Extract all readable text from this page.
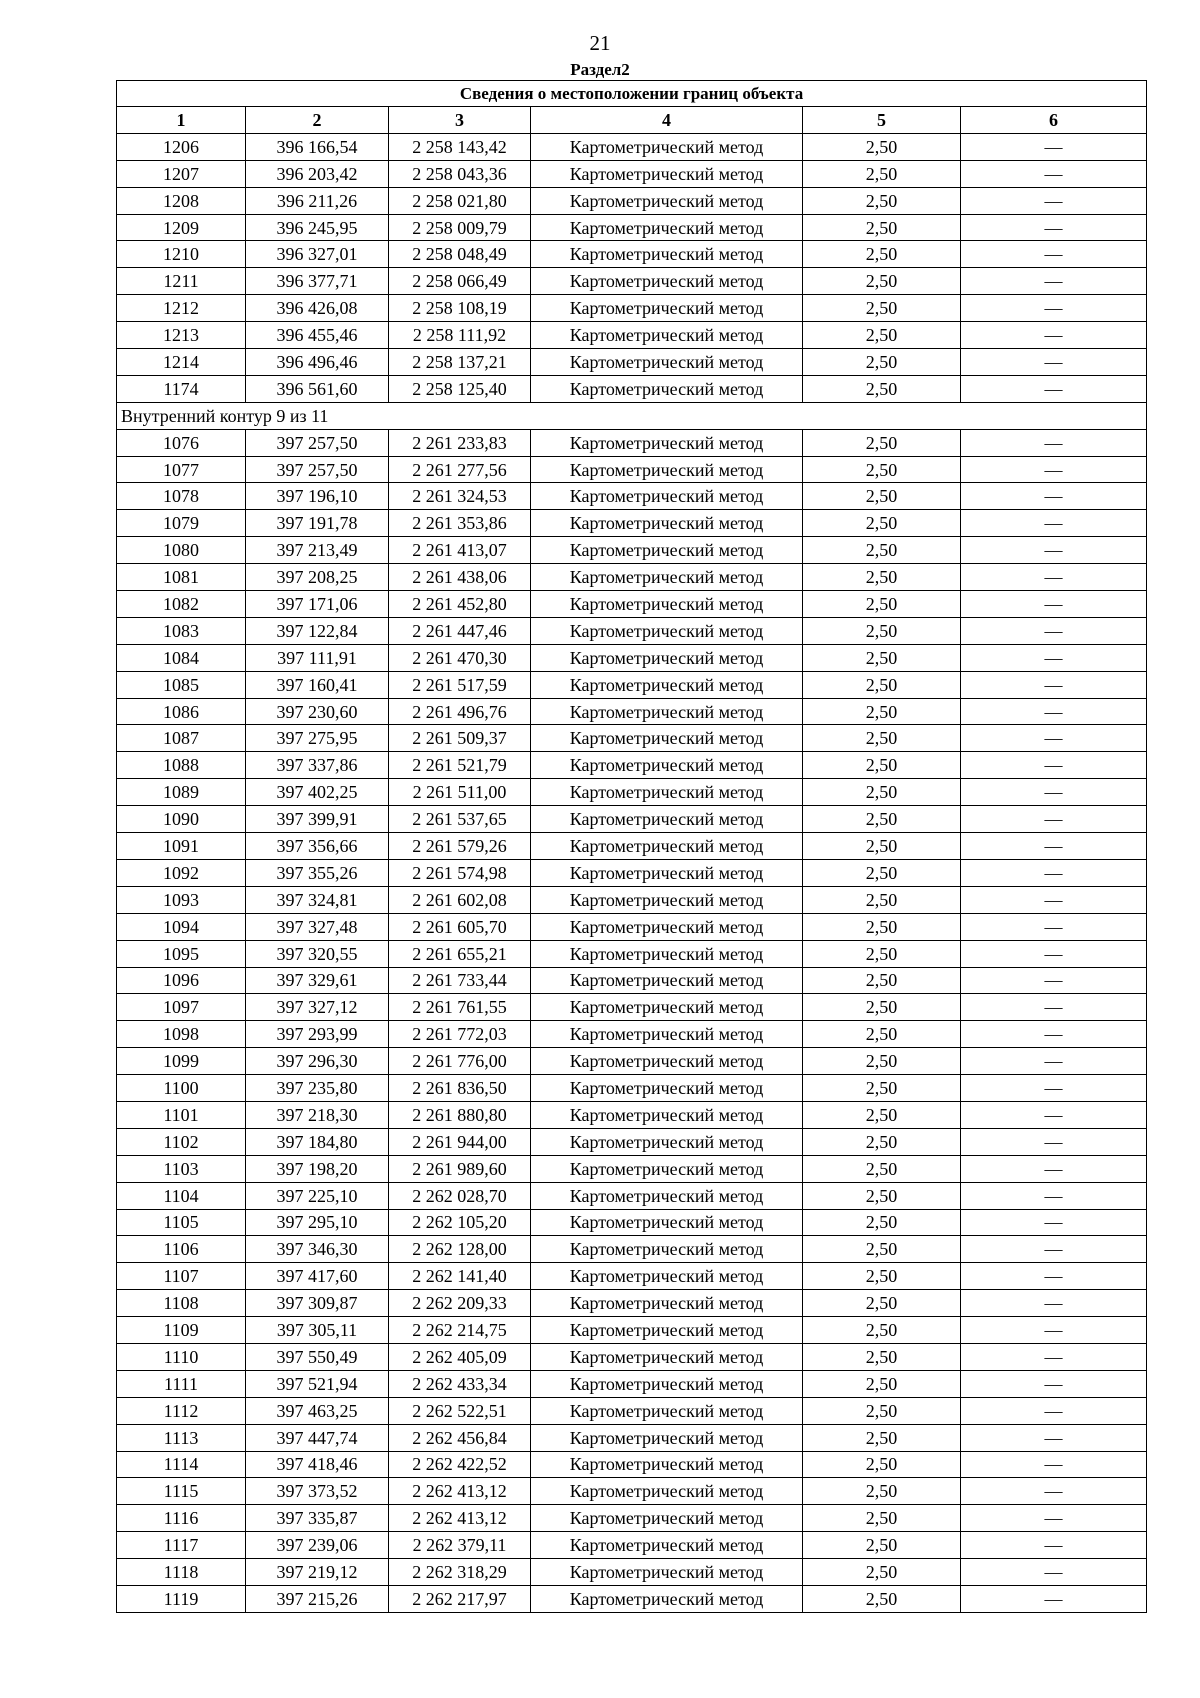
21
Раздел2
Сведения о местоположении границ объекта					
1	2	3	4	5	6
1206	396 166,54	2 258 143,42	Картометрический метод	2,50	—
1207	396 203,42	2 258 043,36	Картометрический метод	2,50	—
1208	396 211,26	2 258 021,80	Картометрический метод	2,50	—
1209	396 245,95	2 258 009,79	Картометрический метод	2,50	—
1210	396 327,01	2 258 048,49	Картометрический метод	2,50	—
1211	396 377,71	2 258 066,49	Картометрический метод	2,50	—
1212	396 426,08	2 258 108,19	Картометрический метод	2,50	—
1213	396 455,46	2 258 111,92	Картометрический метод	2,50	—
1214	396 496,46	2 258 137,21	Картометрический метод	2,50	—
1174	396 561,60	2 258 125,40	Картометрический метод	2,50	—
Внутренний контур 9 из 11					
1076	397 257,50	2 261 233,83	Картометрический метод	2,50	—
1077	397 257,50	2 261 277,56	Картометрический метод	2,50	—
1078	397 196,10	2 261 324,53	Картометрический метод	2,50	—
1079	397 191,78	2 261 353,86	Картометрический метод	2,50	—
1080	397 213,49	2 261 413,07	Картометрический метод	2,50	—
1081	397 208,25	2 261 438,06	Картометрический метод	2,50	—
1082	397 171,06	2 261 452,80	Картометрический метод	2,50	—
1083	397 122,84	2 261 447,46	Картометрический метод	2,50	—
1084	397 111,91	2 261 470,30	Картометрический метод	2,50	—
1085	397 160,41	2 261 517,59	Картометрический метод	2,50	—
1086	397 230,60	2 261 496,76	Картометрический метод	2,50	—
1087	397 275,95	2 261 509,37	Картометрический метод	2,50	—
1088	397 337,86	2 261 521,79	Картометрический метод	2,50	—
1089	397 402,25	2 261 511,00	Картометрический метод	2,50	—
1090	397 399,91	2 261 537,65	Картометрический метод	2,50	—
1091	397 356,66	2 261 579,26	Картометрический метод	2,50	—
1092	397 355,26	2 261 574,98	Картометрический метод	2,50	—
1093	397 324,81	2 261 602,08	Картометрический метод	2,50	—
1094	397 327,48	2 261 605,70	Картометрический метод	2,50	—
1095	397 320,55	2 261 655,21	Картометрический метод	2,50	—
1096	397 329,61	2 261 733,44	Картометрический метод	2,50	—
1097	397 327,12	2 261 761,55	Картометрический метод	2,50	—
1098	397 293,99	2 261 772,03	Картометрический метод	2,50	—
1099	397 296,30	2 261 776,00	Картометрический метод	2,50	—
1100	397 235,80	2 261 836,50	Картометрический метод	2,50	—
1101	397 218,30	2 261 880,80	Картометрический метод	2,50	—
1102	397 184,80	2 261 944,00	Картометрический метод	2,50	—
1103	397 198,20	2 261 989,60	Картометрический метод	2,50	—
1104	397 225,10	2 262 028,70	Картометрический метод	2,50	—
1105	397 295,10	2 262 105,20	Картометрический метод	2,50	—
1106	397 346,30	2 262 128,00	Картометрический метод	2,50	—
1107	397 417,60	2 262 141,40	Картометрический метод	2,50	—
1108	397 309,87	2 262 209,33	Картометрический метод	2,50	—
1109	397 305,11	2 262 214,75	Картометрический метод	2,50	—
1110	397 550,49	2 262 405,09	Картометрический метод	2,50	—
1111	397 521,94	2 262 433,34	Картометрический метод	2,50	—
1112	397 463,25	2 262 522,51	Картометрический метод	2,50	—
1113	397 447,74	2 262 456,84	Картометрический метод	2,50	—
1114	397 418,46	2 262 422,52	Картометрический метод	2,50	—
1115	397 373,52	2 262 413,12	Картометрический метод	2,50	—
1116	397 335,87	2 262 413,12	Картометрический метод	2,50	—
1117	397 239,06	2 262 379,11	Картометрический метод	2,50	—
1118	397 219,12	2 262 318,29	Картометрический метод	2,50	—
1119	397 215,26	2 262 217,97	Картометрический метод	2,50	—
